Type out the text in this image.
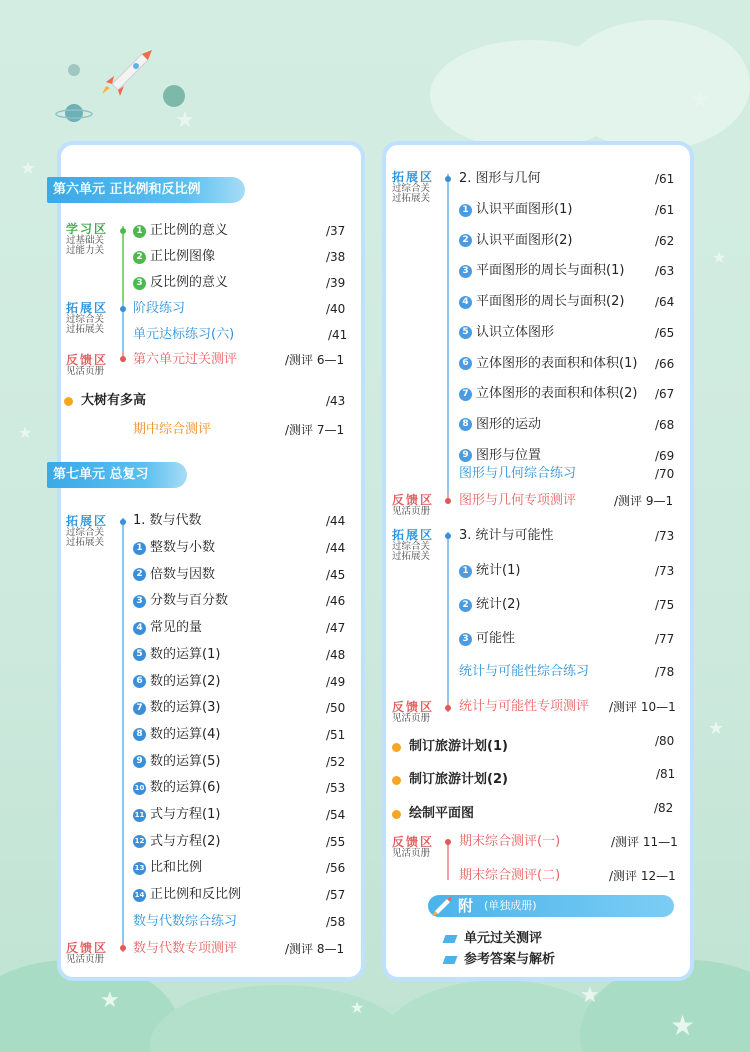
★
★
★
★
★
★
★	★	★
★
第六单元 正比例和反比例
学习区
过基础关
过能力关
拓展区
过综合关
过拓展关
反馈区
见活页册
1 正比例的意义	/37
2 正比例图像	/38
3 反比例的意义	/39
阶段练习	/40
单元达标练习(六)	/41
第六单元过关测评	/测评 6—1
大树有多高	/43
期中综合测评	/测评 7—1
第七单元 总复习
拓展区
过综合关
过拓展关
反馈区
见活页册
1. 数与代数	/44
1 整数与小数	/44
2 倍数与因数	/45
3 分数与百分数	/46
4 常见的量	/47
5 数的运算(1)	/48
6 数的运算(2)	/49
7 数的运算(3)	/50
8 数的运算(4)	/51
9 数的运算(5)	/52
10 数的运算(6)	/53
11 式与方程(1)	/54
12 式与方程(2)	/55
13 比和比例	/56
14 正比例和反比例	/57
数与代数综合练习	/58
数与代数专项测评	/测评 8—1
拓展区
过综合关
过拓展关
2. 图形与几何	/61
1 认识平面图形(1)	/61
2 认识平面图形(2)	/62
3 平面图形的周长与面积(1)	/63
4 平面图形的周长与面积(2)	/64
5 认识立体图形	/65
6 立体图形的表面积和体积(1) /66
7 立体图形的表面积和体积(2) /67
8 图形的运动	/68
9 图形与位置	/69
图形与几何综合练习	/70
反馈区
见活页册
图形与几何专项测评	/测评 9—1
拓展区
过综合关
过拓展关
3. 统计与可能性	/73
1 统计(1)	/73
2 统计(2)	/75
3 可能性	/77
统计与可能性综合练习	/78
反馈区
见活页册
统计与可能性专项测评 /测评 10—1
制订旅游计划(1)	/80
制订旅游计划(2)	/81
绘制平面图	/82
反馈区
见活页册
期末综合测评(一)	/测评 11—1
期末综合测评(二)	/测评 12—1
附 (单独成册)
单元过关测评
参考答案与解析
